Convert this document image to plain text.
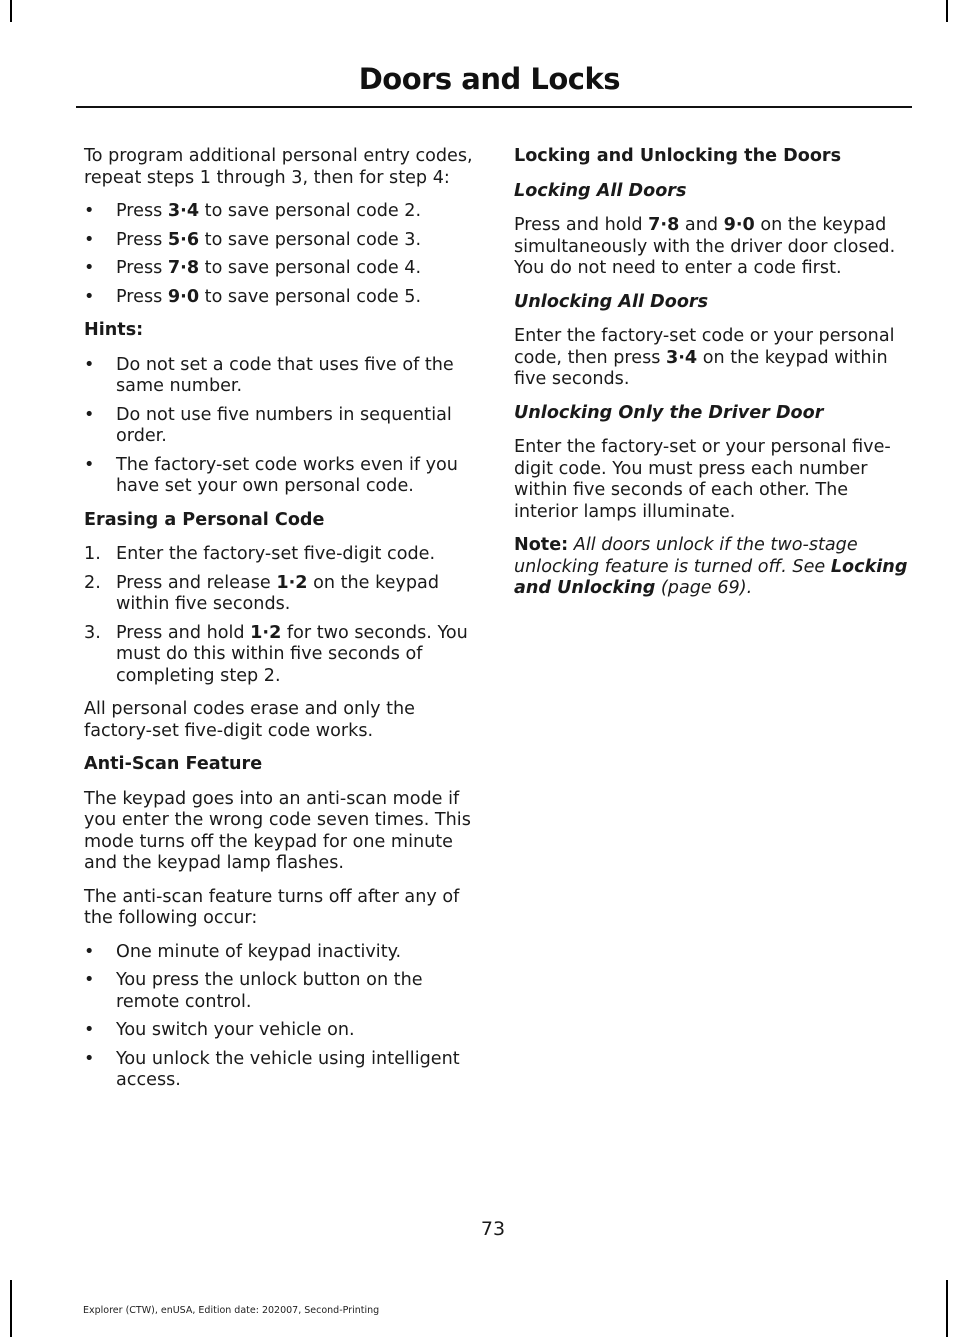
Doors and Locks

To program additional personal entry codes, repeat steps 1 through 3, then for step 4:

• Press 3·4 to save personal code 2.
• Press 5·6 to save personal code 3.
• Press 7·8 to save personal code 4.
• Press 9·0 to save personal code 5.
Hints:
• Do not set a code that uses five of the same number.
• Do not use five numbers in sequential order.
• The factory-set code works even if you have set your own personal code.
Erasing a Personal Code
1. Enter the factory-set five-digit code.
2. Press and release 1·2 on the keypad within five seconds.
3. Press and hold 1·2 for two seconds. You must do this within five seconds of completing step 2.

All personal codes erase and only the factory-set five-digit code works.

Anti-Scan Feature

The keypad goes into an anti-scan mode if you enter the wrong code seven times. This mode turns off the keypad for one minute and the keypad lamp flashes.

The anti-scan feature turns off after any of the following occur:

• One minute of keypad inactivity.
• You press the unlock button on the remote control.
• You switch your vehicle on.
• You unlock the vehicle using intelligent access.
Locking and Unlocking the Doors
Locking All Doors

Press and hold 7·8 and 9·0 on the keypad simultaneously with the driver door closed. You do not need to enter a code first.

Unlocking All Doors

Enter the factory-set code or your personal code, then press 3·4 on the keypad within five seconds.

Unlocking Only the Driver Door

Enter the factory-set or your personal five-digit code. You must press each number within five seconds of each other. The interior lamps illuminate.

Note: All doors unlock if the two-stage unlocking feature is turned off. See Locking and Unlocking (page 69).

73
Explorer (CTW), enUSA, Edition date: 202007, Second-Printing
